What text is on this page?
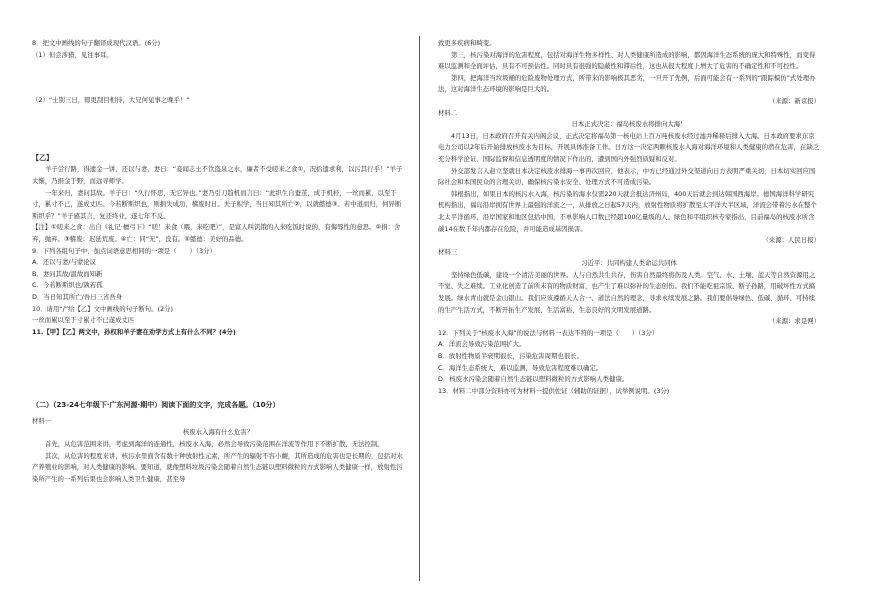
8．把文中画线的句子翻译成现代汉语。(6分)

（1）但尝涉猎，见往事耳。

（2）“士别三日，即更刮目相待，大兄何见事之晚乎！”

【乙】

羊子尝行路，得遗金一饼，还以与妻，妻曰：“妾闻志士不饮盗泉之水，廉者不受嗟来之食①，况拾遗求利，以污其行乎！”羊子大惭，乃捐金于野，而远寻师学。

一年来归，妻问其故。羊子曰：“久行怀思，无它异也。”妻乃引刀趋机而言曰：“此织生自蚕茧，成于机杼，一丝而累，以至于寸，累寸不已，遂成丈匹。今若断斯织也，则捐失成功，稽废时日。夫子积学，当日知其所亡②，以就懿德③。若中道而归，何异断斯织乎？”羊子感其言，复还终业，遂七年不反。

【注】①嗟来之食：出自《礼记·檀弓下》“嗟！来食（喂，来吃吧）”，是富人叫饥饿的人来吃饭时说的，有侮辱性的意思。②捐：舍弃，抛弃。③稽废：迟延荒废。④亡：同“无”，没有。⑤懿德：美好的品德。

9．下列各组句子中，加点词语意思相同的一项是（　　）（3分）

A．还以与妻/与蒙论议

B．妻问其故/温故而知新

C．今若断斯织也/孰若孤

D．当日知其所亡/吾日三省吾身

10．请用“/”给【乙】文中画线的句子断句。(2分)

一丝而累以至于寸累寸不已遂成丈匹

11.【甲】【乙】两文中，孙权和羊子妻在劝学方式上有什么不同？(4分)

（二）（23-24七年级下·广东河源·期中）阅读下面的文字，完成各题。（10分）

材料一

核废水入海有什么危害？

首先，从危害范围来讲，考虑到海洋的连通性，核废水入海，必然会导致污染范围在洋流等作用下不断扩散，无法控制。

其次，从危害的程度来讲，核污水里面含有数十种放射性元素，所产生的辐射不容小觑，其所造成的危害也是长期的，包括对水产养殖业的影响，对人类健康的影响。要知道，就像塑料垃圾污染会随着自然生态链以塑料微粒的方式影响人类健康一样，放射性污染所产生的一系列后果也会影响人类卫生健康，甚至导

致更多疾病和畸变。

第三，核污染对海洋的危害程度，包括对海洋生物多样性、对人类健康所造成的影响，都因海洋生态系统的庞大和特殊性，而变得难以监测和全面评估，具有不可预估性。同时具有很强的隐蔽性和滞后性，这也从很大程度上增大了危害的不确定性和不可控性。

第四，把海洋当垃圾桶的危险废物处理方式，所带来的影响极其恶劣，一旦开了先例，后面可能会有一系列的“跟踪模仿”式处理办法，这对海洋生态环境的影响是巨大的。

（来源：新京报）

材料二

日本正式决定：福岛核废水将排向大海！

4月13日，日本政府召开有关内阁会议，正式决定将福岛第一核电站上百万吨核废水经过滤并稀释后排入大海。日本政府要求东京电力公司以2年后开始排放核废水为目标，开展具体准备工作。日方这一决定两颗核废水入海对海洋环境和人类健康的潜在危害，在缺乏充分科学论证、国际监督和信息透明度的情况下作出的，遭到国内外强烈质疑和反对。

外交部发言人赵立坚就日本决定核废水排海一事再次回应，他表示，中方已经通过外交渠道向日方表明严重关切，日本切实回应国际社会和本国民众的合理关切，确保核污染水安全、处理方式不可造成污染。

韩根指出，如果日本的核污水入海，核污染的海水仅需220天就会抵达济州岛，400天后就会到达韩国西海岸。德国海洋科学研究机构指出，福岛沿岸拥有世界上最强的洋流之一，从排放之日起57天内，放射性物质将扩散至太平洋大半区域，洋流会带着污水在整个北太平洋循环，沿岸国家和地区包括中国，不单影响人口数已经超100亿量级的人。绿色和平组织核专家指出，目前福岛的核废水所含碳14在数千年内都存在危险，并可能造成基因损害。

（来源：人民日报）

材料三

习近平：共同构建人类命运共同体

坚持绿色低碳，建设一个清洁美丽的世界。人与自然共生共存，伤害自然最终将伤及人类。空气、水、土壤、蓝天等自然资源用之不觉、失之难续。工业化创造了前所未有的物质财富，也产生了难以弥补的生态创伤。我们不能吃祖宗饭、断子孙路，用破坏性方式搞发展。绿水青山就是金山银山。我们应该遵循天人合一、道法自然的理念，寻求永续发展之路。我们要倡导绿色、低碳、循环、可持续的生产生活方式，不断开拓生产发展、生活富裕、生态良好的文明发展道路。

（来源：求是网）

12．下列关于“核废水入海”的说法与材料一表达不符的一项是（　　）（3分）

A．洋流会导致污染范围扩大。

B．放射性物质半衰期很长，污染危害周期也很长。

C．海洋生态系统大，难以监测，导致危害程度难以确定。

D．核废水污染会随着自然生态链以塑料微粒的方式影响人类健康。

13．材料二中部分资料亦可为材料一提供佐证（辅助的证据），试举例说明。(3分)
